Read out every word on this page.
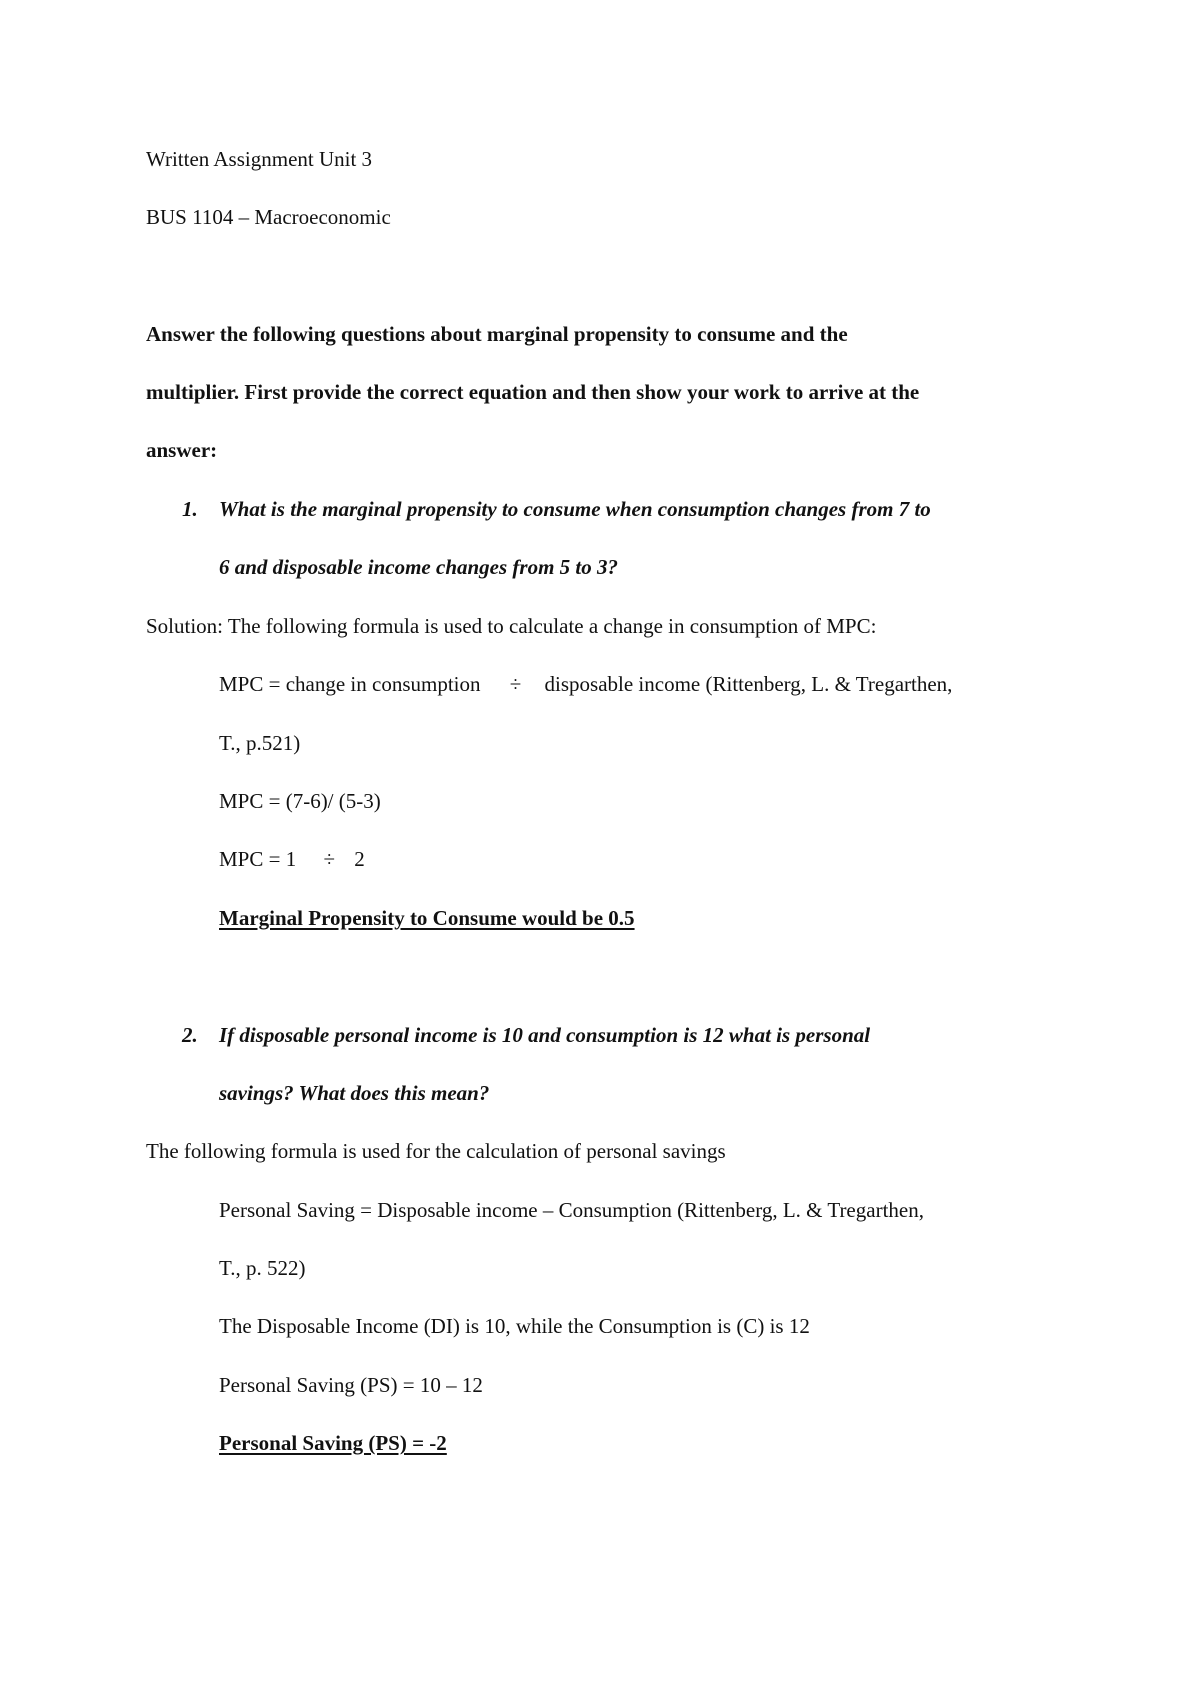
Written Assignment Unit 3
BUS 1104 – Macroeconomic
Answer the following questions about marginal propensity to consume and the
multiplier. First provide the correct equation and then show your work to arrive at the
answer:
1. What is the marginal propensity to consume when consumption changes from 7 to
6 and disposable income changes from 5 to 3?
Solution: The following formula is used to calculate a change in consumption of MPC:
MPC = change in consumption ÷ disposable income (Rittenberg, L. & Tregarthen,
T., p.521)
MPC = (7-6)/ (5-3)
MPC = 1 ÷ 2
Marginal Propensity to Consume would be 0.5
2. If disposable personal income is 10 and consumption is 12 what is personal
savings? What does this mean?
The following formula is used for the calculation of personal savings
Personal Saving = Disposable income – Consumption (Rittenberg, L. & Tregarthen,
T., p. 522)
The Disposable Income (DI) is 10, while the Consumption is (C) is 12
Personal Saving (PS) = 10 – 12
Personal Saving (PS) = -2
